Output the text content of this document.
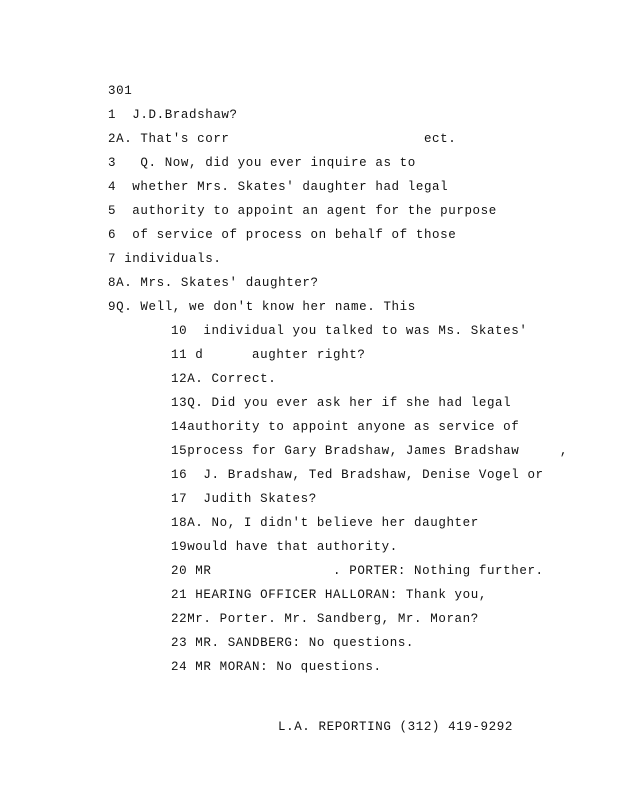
301
1  J.D.Bradshaw?
2A. That's corr                        ect.
3   Q. Now, did you ever inquire as to
4  whether Mrs. Skates' daughter had legal
5  authority to appoint an agent for the purpose
6  of service of process on behalf of those
7 individuals.
8A. Mrs. Skates' daughter?
9Q. Well, we don't know her name. This
10  individual you talked to was Ms. Skates'
11 d      aughter right?
12A. Correct.
13Q. Did you ever ask her if she had legal
14authority to appoint anyone as service of
15process for Gary Bradshaw, James Bradshaw     ,
16  J. Bradshaw, Ted Bradshaw, Denise Vogel or
17  Judith Skates?
18A. No, I didn't believe her daughter
19would have that authority.
20 MR               . PORTER: Nothing further.
21 HEARING OFFICER HALLORAN: Thank you,
22Mr. Porter. Mr. Sandberg, Mr. Moran?
23 MR. SANDBERG: No questions.
24 MR MORAN: No questions.
L.A. REPORTING (312) 419-9292
